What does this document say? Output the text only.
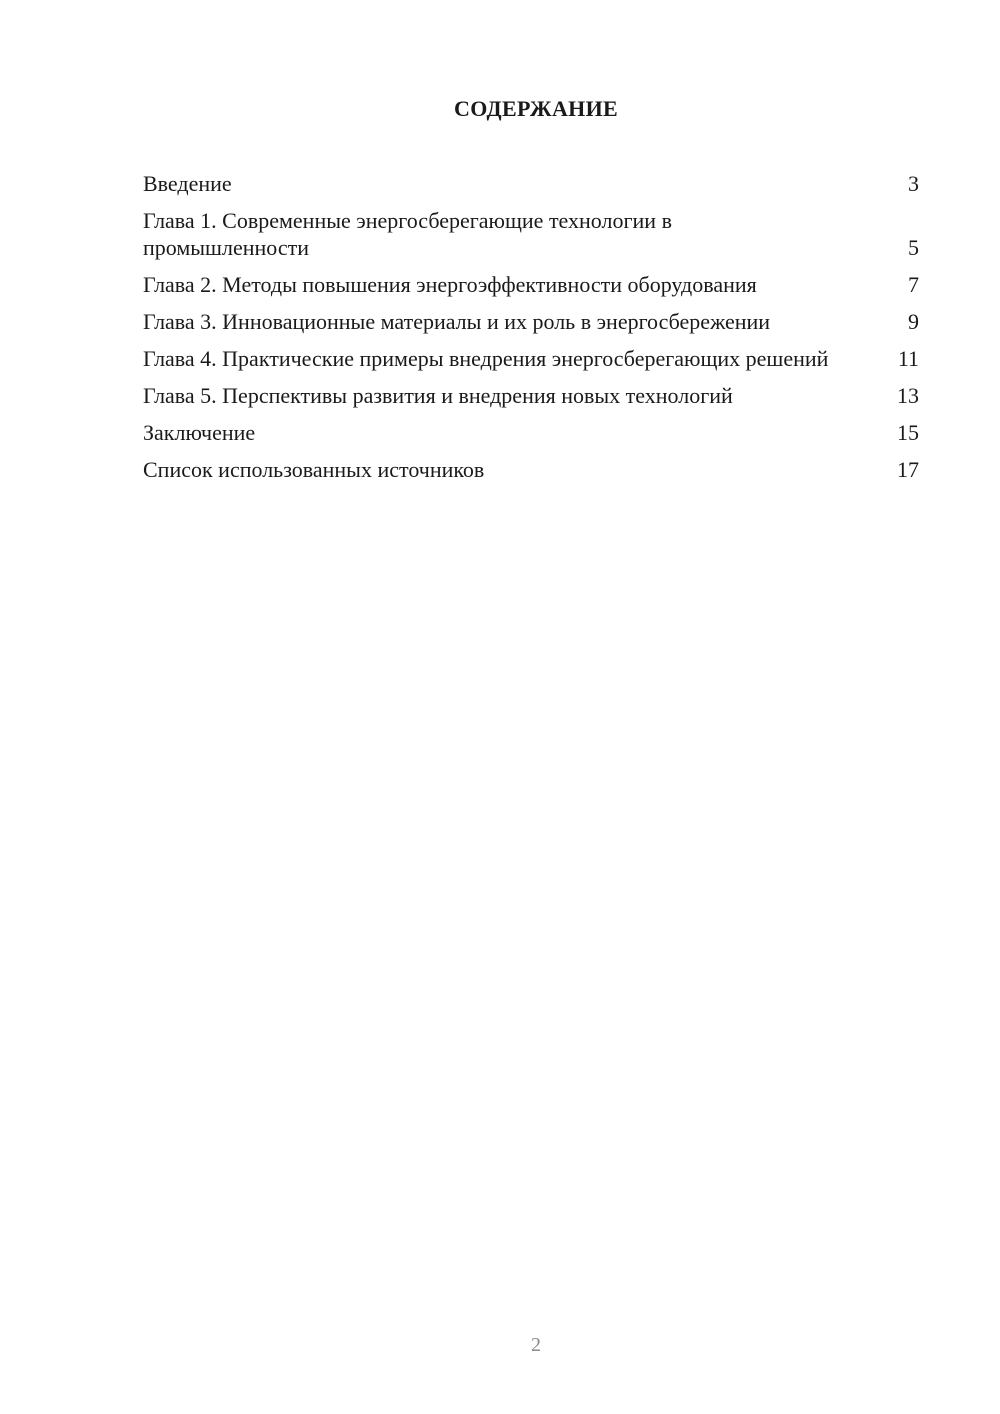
СОДЕРЖАНИЕ
Введение	3
Глава 1. Современные энергосберегающие технологии в промышленности	5
Глава 2. Методы повышения энергоэффективности оборудования	7
Глава 3. Инновационные материалы и их роль в энергосбережении	9
Глава 4. Практические примеры внедрения энергосберегающих решений	11
Глава 5. Перспективы развития и внедрения новых технологий	13
Заключение	15
Список использованных источников	17
2
